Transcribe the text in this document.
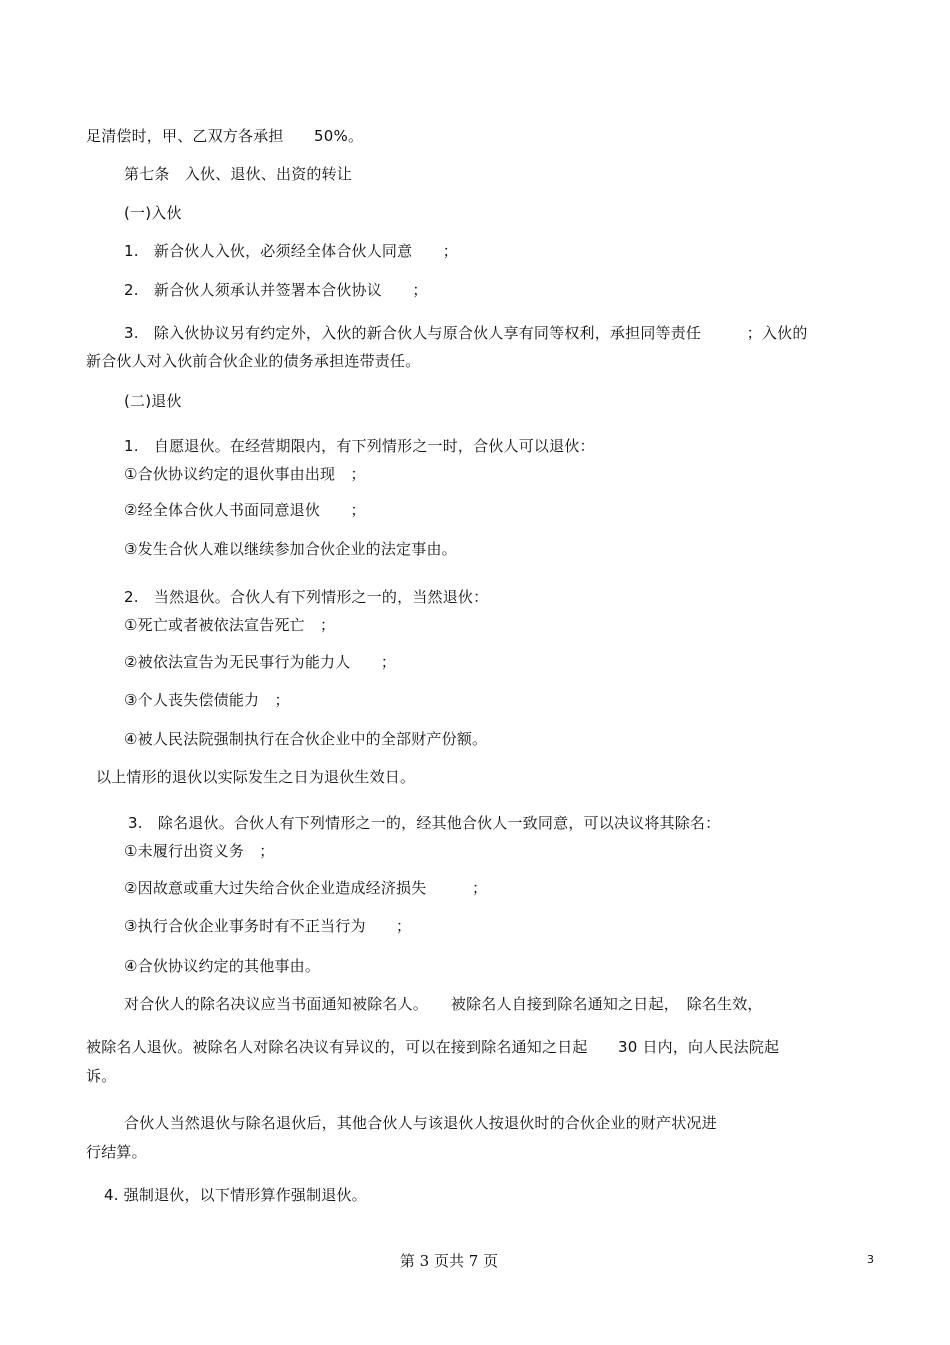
足清偿时，甲、乙双方各承担　　50%。
第七条　入伙、退伙、出资的转让
(一)入伙
1.　新合伙人入伙，必须经全体合伙人同意　　；
2.　新合伙人须承认并签署本合伙协议　　；
3.　除入伙协议另有约定外，入伙的新合伙人与原合伙人享有同等权利，承担同等责任　　　；入伙的
新合伙人对入伙前合伙企业的债务承担连带责任。
(二)退伙
1.　自愿退伙。在经营期限内，有下列情形之一时，合伙人可以退伙：
①合伙协议约定的退伙事由出现　；
②经全体合伙人书面同意退伙　　；
③发生合伙人难以继续参加合伙企业的法定事由。
2.　当然退伙。合伙人有下列情形之一的，当然退伙：
①死亡或者被依法宣告死亡　；
②被依法宣告为无民事行为能力人　　；
③个人丧失偿债能力　；
④被人民法院强制执行在合伙企业中的全部财产份额。
以上情形的退伙以实际发生之日为退伙生效日。
3.　除名退伙。合伙人有下列情形之一的，经其他合伙人一致同意，可以决议将其除名：
①未履行出资义务　；
②因故意或重大过失给合伙企业造成经济损失　　　；
③执行合伙企业事务时有不正当行为　　；
④合伙协议约定的其他事由。
对合伙人的除名决议应当书面通知被除名人。　　被除名人自接到除名通知之日起，　除名生效，
被除名人退伙。被除名人对除名决议有异议的，可以在接到除名通知之日起　　30 日内，向人民法院起
诉。
合伙人当然退伙与除名退伙后，其他合伙人与该退伙人按退伙时的合伙企业的财产状况进
行结算。
4. 强制退伙，以下情形算作强制退伙。
第 3 页共 7 页	3
